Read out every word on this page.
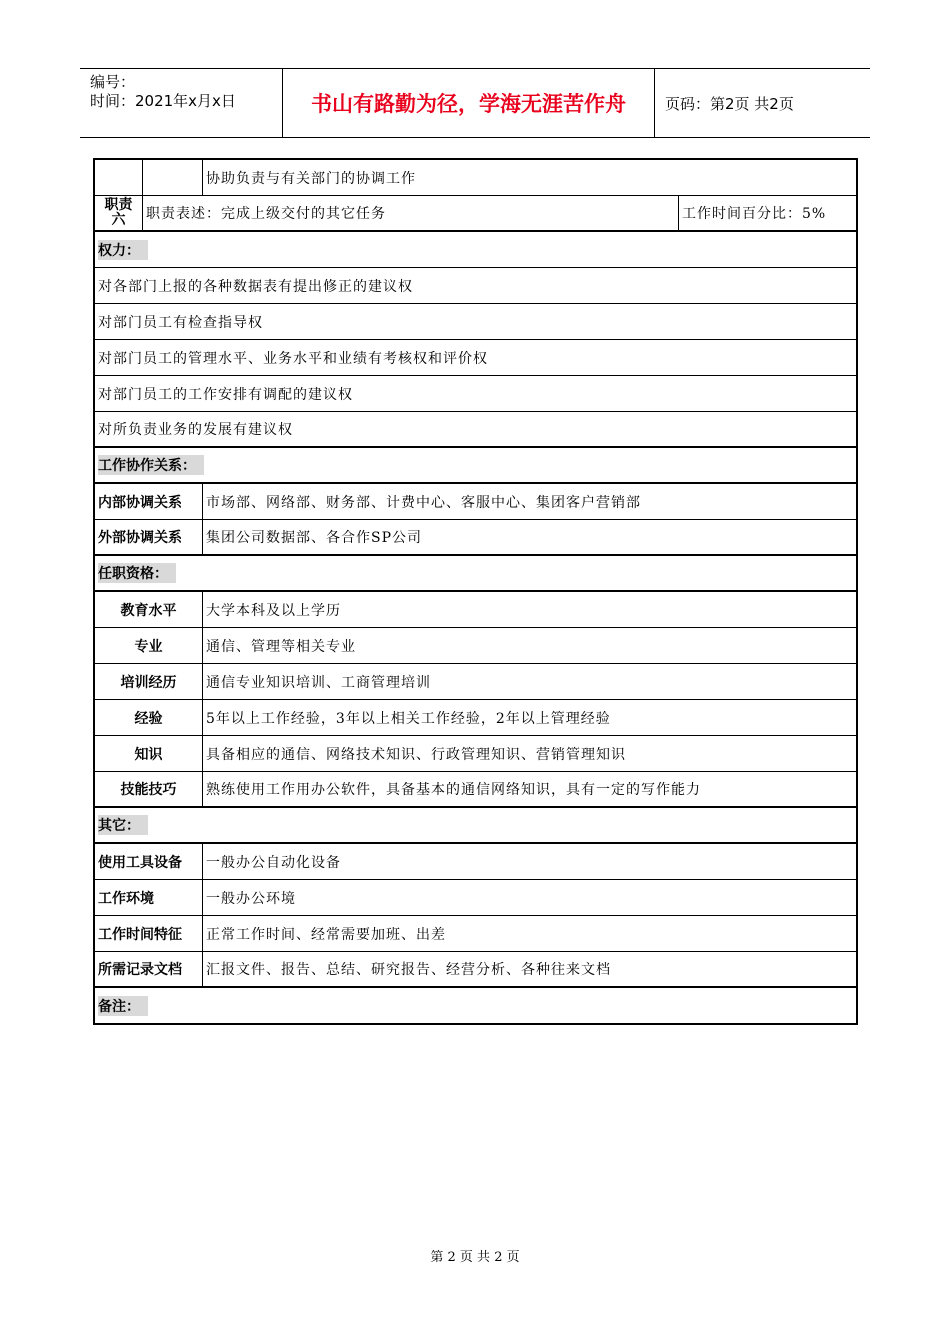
编号：
时间：2021年x月x日	书山有路勤为径，学海无涯苦作舟	页码：第2页 共2页
协助负责与有关部门的协调工作
职责六	职责表述：完成上级交付的其它任务	工作时间百分比：5%
权力：
对各部门上报的各种数据表有提出修正的建议权
对部门员工有检查指导权
对部门员工的管理水平、业务水平和业绩有考核权和评价权
对部门员工的工作安排有调配的建议权
对所负责业务的发展有建议权
工作协作关系：
内部协调关系	市场部、网络部、财务部、计费中心、客服中心、集团客户营销部
外部协调关系	集团公司数据部、各合作SP公司
任职资格：
教育水平	大学本科及以上学历
专业	通信、管理等相关专业
培训经历	通信专业知识培训、工商管理培训
经验	5年以上工作经验，3年以上相关工作经验，2年以上管理经验
知识	具备相应的通信、网络技术知识、行政管理知识、营销管理知识
技能技巧	熟练使用工作用办公软件，具备基本的通信网络知识，具有一定的写作能力
其它：
使用工具设备	一般办公自动化设备
工作环境	一般办公环境
工作时间特征	正常工作时间、经常需要加班、出差
所需记录文档	汇报文件、报告、总结、研究报告、经营分析、各种往来文档
备注：
第 2 页 共 2 页
